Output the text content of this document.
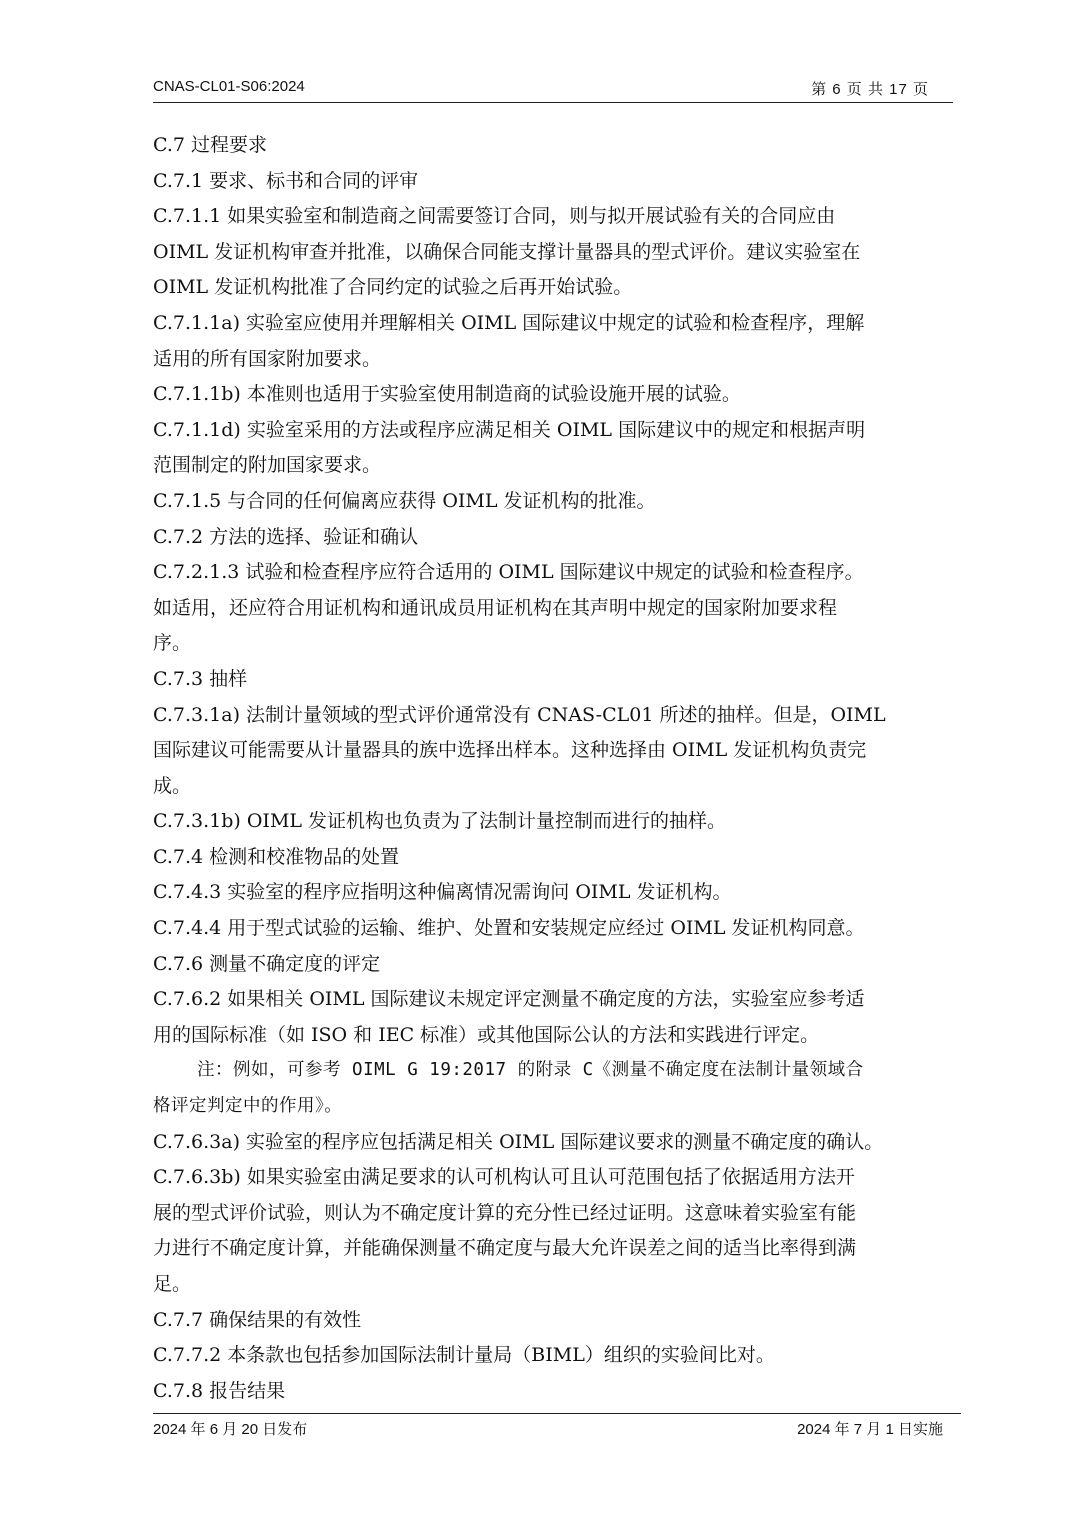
CNAS-CL01-S06:2024	第 6 页 共 17 页
C.7 过程要求
C.7.1 要求、标书和合同的评审
C.7.1.1 如果实验室和制造商之间需要签订合同，则与拟开展试验有关的合同应由
OIML 发证机构审查并批准，以确保合同能支撑计量器具的型式评价。建议实验室在
OIML 发证机构批准了合同约定的试验之后再开始试验。
C.7.1.1a) 实验室应使用并理解相关 OIML 国际建议中规定的试验和检查程序，理解
适用的所有国家附加要求。
C.7.1.1b) 本准则也适用于实验室使用制造商的试验设施开展的试验。
C.7.1.1d) 实验室采用的方法或程序应满足相关 OIML 国际建议中的规定和根据声明
范围制定的附加国家要求。
C.7.1.5 与合同的任何偏离应获得 OIML 发证机构的批准。
C.7.2 方法的选择、验证和确认
C.7.2.1.3 试验和检查程序应符合适用的 OIML 国际建议中规定的试验和检查程序。
如适用，还应符合用证机构和通讯成员用证机构在其声明中规定的国家附加要求程
序。
C.7.3 抽样
C.7.3.1a) 法制计量领域的型式评价通常没有 CNAS-CL01 所述的抽样。但是，OIML
国际建议可能需要从计量器具的族中选择出样本。这种选择由 OIML 发证机构负责完
成。
C.7.3.1b) OIML 发证机构也负责为了法制计量控制而进行的抽样。
C.7.4 检测和校准物品的处置
C.7.4.3 实验室的程序应指明这种偏离情况需询问 OIML 发证机构。
C.7.4.4 用于型式试验的运输、维护、处置和安装规定应经过 OIML 发证机构同意。
C.7.6 测量不确定度的评定
C.7.6.2 如果相关 OIML 国际建议未规定评定测量不确定度的方法，实验室应参考适
用的国际标准（如 ISO 和 IEC 标准）或其他国际公认的方法和实践进行评定。
注：例如，可参考 OIML G 19:2017 的附录 C《测量不确定度在法制计量领域合
格评定判定中的作用》。
C.7.6.3a) 实验室的程序应包括满足相关 OIML 国际建议要求的测量不确定度的确认。
C.7.6.3b) 如果实验室由满足要求的认可机构认可且认可范围包括了依据适用方法开
展的型式评价试验，则认为不确定度计算的充分性已经过证明。这意味着实验室有能
力进行不确定度计算，并能确保测量不确定度与最大允许误差之间的适当比率得到满
足。
C.7.7 确保结果的有效性
C.7.7.2 本条款也包括参加国际法制计量局（BIML）组织的实验间比对。
C.7.8 报告结果
2024 年 6 月 20 日发布	2024 年 7 月 1 日实施
